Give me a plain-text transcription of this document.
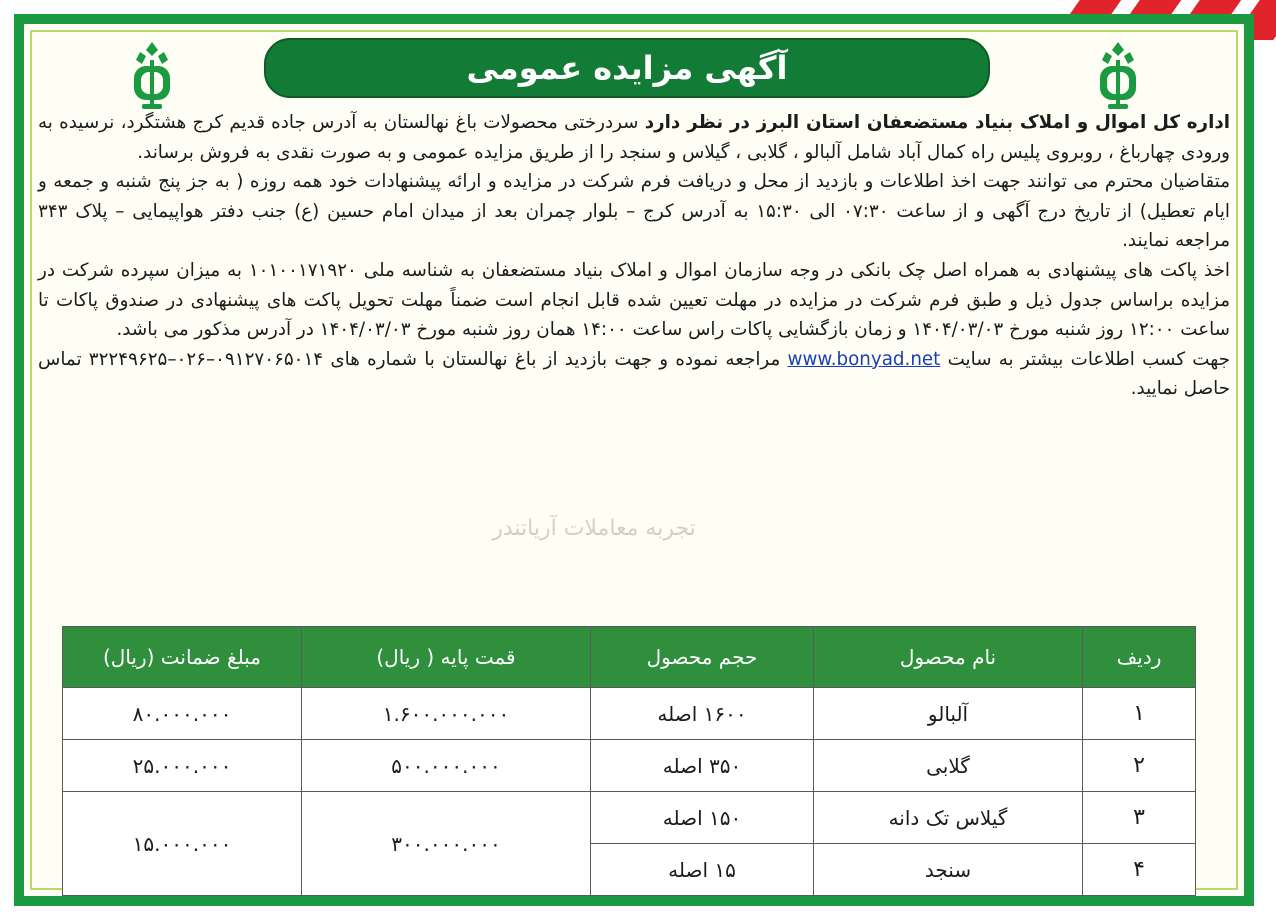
آگهی مزایده عمومی

اداره کل اموال و املاک بنیاد مستضعفان استان البرز در نظر دارد سردرختی محصولات باغ نهالستان به آدرس جاده قدیم کرج هشتگرد، نرسیده به ورودی چهارباغ ، روبروی پلیس راه کمال آباد شامل آلبالو ، گلابی ، گیلاس و سنجد را از طریق مزایده عمومی و به صورت نقدی به فروش برساند.

متقاضیان محترم می توانند جهت اخذ اطلاعات و بازدید از محل و دریافت فرم شرکت در مزایده و ارائه پیشنهادات خود همه روزه ( به جز پنج شنبه و جمعه و ایام تعطیل) از تاریخ درج آگهی و از ساعت ۰۷:۳۰ الی ۱۵:۳۰ به آدرس کرج – بلوار چمران بعد از میدان امام حسین (ع) جنب دفتر هواپیمایی – پلاک ۳۴۳ مراجعه نمایند.

اخذ پاکت های پیشنهادی به همراه اصل چک بانکی در وجه سازمان اموال و املاک بنیاد مستضعفان به شناسه ملی ۱۰۱۰۰۱۷۱۹۲۰ به میزان سپرده شرکت در مزایده براساس جدول ذیل و طبق فرم شرکت در مزایده در مهلت تعیین شده قابل انجام است ضمناً مهلت تحویل پاکت های پیشنهادی در صندوق پاکات تا ساعت ۱۲:۰۰ روز شنبه مورخ ۱۴۰۴/۰۳/۰۳ و زمان بازگشایی پاکات راس ساعت ۱۴:۰۰ همان روز شنبه مورخ ۱۴۰۴/۰۳/۰۳ در آدرس مذکور می باشد.

جهت کسب اطلاعات بیشتر به سایت www.bonyad.net مراجعه نموده و جهت بازدید از باغ نهالستان با شماره های ۰۹۱۲۷۰۶۵۰۱۴–۰۲۶–۳۲۲۴۹۶۲۵ تماس حاصل نمایید.

تجربه معاملات آریاتندر
ردیف	نام محصول	حجم محصول	قمت پایه ( ریال)	مبلغ ضمانت (ریال)
۱	آلبالو	۱۶۰۰ اصله	۱.۶۰۰.۰۰۰.۰۰۰	۸۰.۰۰۰.۰۰۰
۲	گلابی	۳۵۰ اصله	۵۰۰.۰۰۰.۰۰۰	۲۵.۰۰۰.۰۰۰
۳	گیلاس تک دانه	۱۵۰ اصله	۳۰۰.۰۰۰.۰۰۰	۱۵.۰۰۰.۰۰۰
۴	سنجد	۱۵ اصله		
